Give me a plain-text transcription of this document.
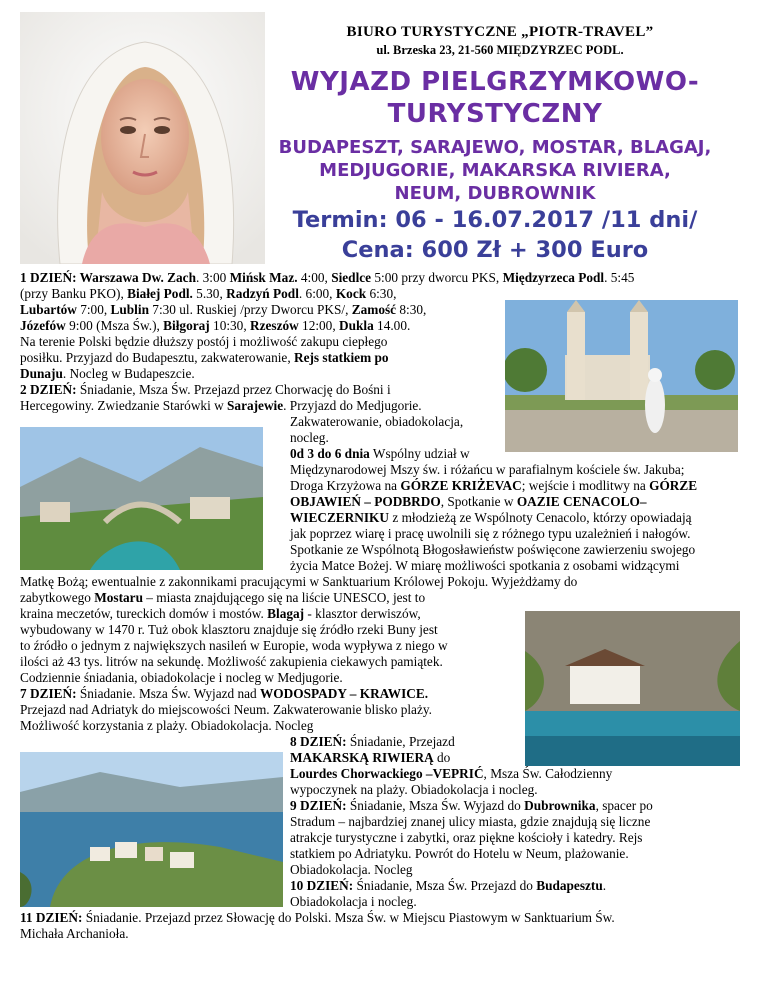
BIURO TURYSTYCZNE „PIOTR-TRAVEL”
ul. Brzeska 23, 21-560 MIĘDZYRZEC PODL.
WYJAZD PIELGRZYMKOWO-
TURYSTYCZNY
BUDAPESZT, SARAJEWO, MOSTAR, BLAGAJ,
MEDJUGORIE, MAKARSKA RIVIERA,
NEUM, DUBROWNIK
Termin: 06 - 16.07.2017 /11 dni/
Cena: 600 Zł + 300 Euro
1 DZIEŃ: Warszawa Dw. Zach. 3:00 Mińsk Maz. 4:00, Siedlce 5:00 przy dworcu PKS, Międzyrzeca Podl. 5:45
(przy Banku PKO), Białej Podl. 5.30, Radzyń Podl. 6:00, Kock 6:30,
Lubartów 7:00, Lublin 7:30 ul. Ruskiej /przy Dworcu PKS/, Zamość 8:30,
Józefów 9:00 (Msza Św.), Biłgoraj 10:30, Rzeszów 12:00, Dukla 14.00.
Na terenie Polski będzie dłuższy postój i możliwość zakupu ciepłego
posiłku. Przyjazd do Budapesztu, zakwaterowanie, Rejs statkiem po
Dunaju. Nocleg w Budapeszcie.
2 DZIEŃ: Śniadanie, Msza Św. Przejazd przez Chorwację do Bośni i
Hercegowiny. Zwiedzanie Starówki w Sarajewie. Przyjazd do Medjugorie.
Zakwaterowanie, obiadokolacja,
nocleg.
0d 3 do 6 dnia Wspólny udział w
Międzynarodowej Mszy św. i różańcu w parafialnym kościele św. Jakuba;
Droga Krzyżowa na GÓRZE KRIŻEVAC; wejście i modlitwy na GÓRZE
OBJAWIEŃ – PODBRDO, Spotkanie w OAZIE CENACOLO–
WIECZERNIKU z młodzieżą ze Wspólnoty Cenacolo, którzy opowiadają
jak poprzez wiarę i pracę uwolnili się z różnego typu uzależnień i nałogów.
Spotkanie ze Wspólnotą Błogosławieństw poświęcone zawierzeniu swojego
życia Matce Bożej. W miarę możliwości spotkania z osobami widzącymi
Matkę Bożą; ewentualnie z zakonnikami pracującymi w Sanktuarium Królowej Pokoju. Wyjeżdżamy do
zabytkowego Mostaru – miasta znajdującego się na liście UNESCO, jest to
kraina meczetów, tureckich domów i mostów. Blagaj - klasztor derwiszów,
wybudowany w 1470 r. Tuż obok klasztoru znajduje się źródło rzeki Buny jest
to źródło o jednym z największych nasileń w Europie, woda wypływa z niego w
ilości aż 43 tys. litrów na sekundę. Możliwość zakupienia ciekawych pamiątek.
Codziennie śniadania, obiadokolacje i nocleg w Medjugorie.
7 DZIEŃ: Śniadanie. Msza Św. Wyjazd nad WODOSPADY – KRAWICE.
Przejazd nad Adriatyk do miejscowości Neum. Zakwaterowanie blisko plaży.
Możliwość korzystania z plaży. Obiadokolacja. Nocleg
8 DZIEŃ: Śniadanie, Przejazd
MAKARSKĄ RIWIERĄ do
Lourdes Chorwackiego –VEPRIĆ, Msza Św. Całodzienny
wypoczynek na plaży. Obiadokolacja i nocleg.
9 DZIEŃ: Śniadanie, Msza Św. Wyjazd do Dubrownika, spacer po
Stradum – najbardziej znanej ulicy miasta, gdzie znajdują się liczne
atrakcje turystyczne i zabytki, oraz piękne kościoły i katedry. Rejs
statkiem po Adriatyku. Powrót do Hotelu w Neum, plażowanie.
Obiadokolacja. Nocleg
10 DZIEŃ: Śniadanie, Msza Św. Przejazd do Budapesztu.
Obiadokolacja i nocleg.
11 DZIEŃ: Śniadanie. Przejazd przez Słowację do Polski. Msza Św. w Miejscu Piastowym w Sanktuarium Św.
Michała Archanioła.
